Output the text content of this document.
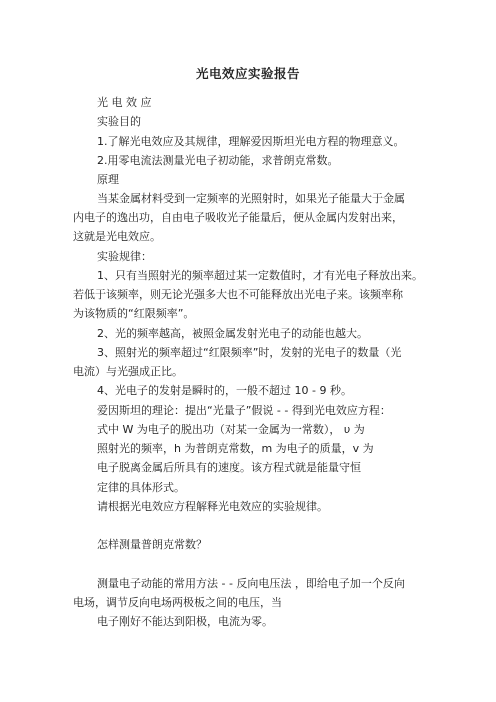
光电效应实验报告
光 电 效 应
实验目的
1.了解光电效应及其规律，理解爱因斯坦光电方程的物理意义。
2.用零电流法测量光电子初动能，求普朗克常数。
原理
当某金属材料受到一定频率的光照射时，如果光子能量大于金属
内电子的逸出功，自由电子吸收光子能量后，便从金属内发射出来，
这就是光电效应。
实验规律：
1、只有当照射光的频率超过某一定数值时，才有光电子释放出来。
若低于该频率，则无论光强多大也不可能释放出光电子来。该频率称
为该物质的“红限频率”。
2、光的频率越高，被照金属发射光电子的动能也越大。
3、照射光的频率超过“红限频率”时，发射的光电子的数量（光
电流）与光强成正比。
4、光电子的发射是瞬时的，一般不超过 10 - 9 秒。
爱因斯坦的理论：提出“光量子”假说 - - 得到光电效应方程：
式中 W 为电子的脱出功（对某一金属为一常数）， υ 为
照射光的频率，h 为普朗克常数，m 为电子的质量，v 为
电子脱离金属后所具有的速度。该方程式就是能量守恒
定律的具体形式。
请根据光电效应方程解释光电效应的实验规律。
怎样测量普朗克常数？
测量电子动能的常用方法 - - 反向电压法 ，即给电子加一个反向
电场，调节反向电场两极板之间的电压，当
电子刚好不能达到阳极，电流为零。
